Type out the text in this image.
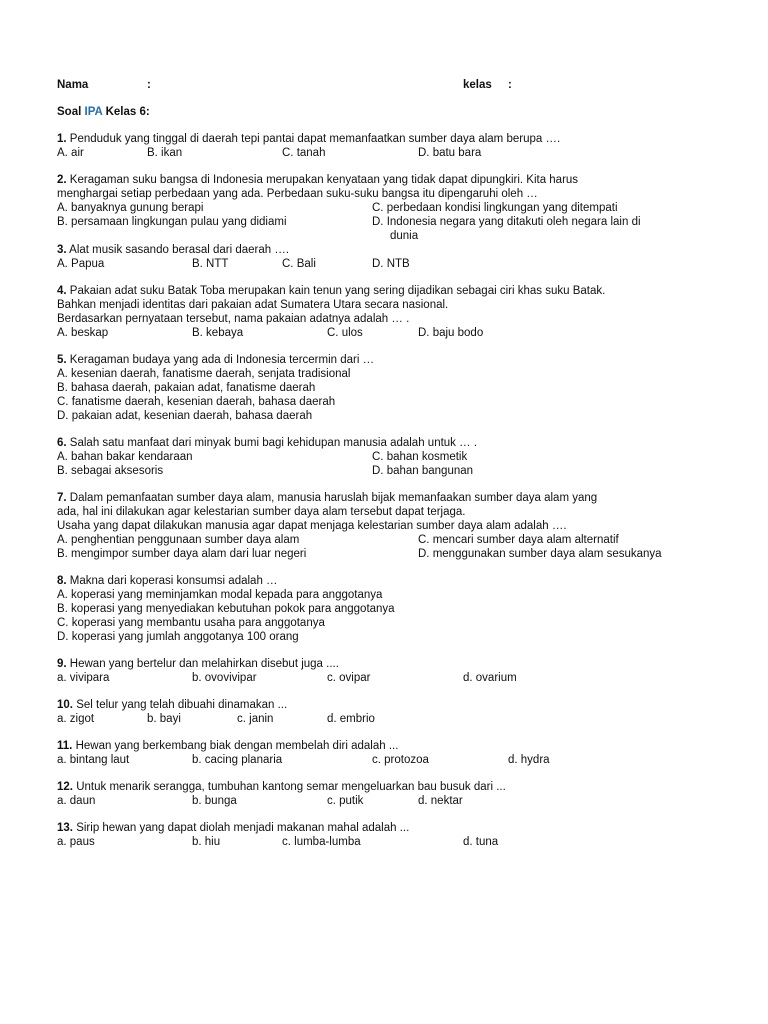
Nama	:	kelas :
Soal IPA Kelas 6:
1. Penduduk yang tinggal di daerah tepi pantai dapat memanfaatkan sumber daya alam berupa ….
A. air	B. ikan	C. tanah	D. batu bara
2. Keragaman suku bangsa di Indonesia merupakan kenyataan yang tidak dapat dipungkiri. Kita harus
menghargai setiap perbedaan yang ada. Perbedaan suku-suku bangsa itu dipengaruhi oleh …
A. banyaknya gunung berapi	C. perbedaan kondisi lingkungan yang ditempati
B. persamaan lingkungan pulau yang didiami	D. Indonesia negara yang ditakuti oleh negara lain di
dunia
3. Alat musik sasando berasal dari daerah ….
A. Papua	B. NTT	C. Bali	D. NTB
4. Pakaian adat suku Batak Toba merupakan kain tenun yang sering dijadikan sebagai ciri khas suku Batak.
Bahkan menjadi identitas dari pakaian adat Sumatera Utara secara nasional.
Berdasarkan pernyataan tersebut, nama pakaian adatnya adalah … .
A. beskap	B. kebaya	C. ulos	D. baju bodo
5. Keragaman budaya yang ada di Indonesia tercermin dari …
A. kesenian daerah, fanatisme daerah, senjata tradisional
B. bahasa daerah, pakaian adat, fanatisme daerah
C. fanatisme daerah, kesenian daerah, bahasa daerah
D. pakaian adat, kesenian daerah, bahasa daerah
6. Salah satu manfaat dari minyak bumi bagi kehidupan manusia adalah untuk … .
A. bahan bakar kendaraan	C. bahan kosmetik
B. sebagai aksesoris	D. bahan bangunan
7. Dalam pemanfaatan sumber daya alam, manusia haruslah bijak memanfaakan sumber daya alam yang
ada, hal ini dilakukan agar kelestarian sumber daya alam tersebut dapat terjaga.
Usaha yang dapat dilakukan manusia agar dapat menjaga kelestarian sumber daya alam adalah ….
A. penghentian penggunaan sumber daya alam	C. mencari sumber daya alam alternatif
B. mengimpor sumber daya alam dari luar negeri	D. menggunakan sumber daya alam sesukanya
8. Makna dari koperasi konsumsi adalah …
A. koperasi yang meminjamkan modal kepada para anggotanya
B. koperasi yang menyediakan kebutuhan pokok para anggotanya
C. koperasi yang membantu usaha para anggotanya
D. koperasi yang jumlah anggotanya 100 orang
9. Hewan yang bertelur dan melahirkan disebut juga ....
a. vivipara	b. ovovivipar	c. ovipar	d. ovarium
10. Sel telur yang telah dibuahi dinamakan ...
a. zigot	b. bayi	c. janin	d. embrio
11. Hewan yang berkembang biak dengan membelah diri adalah ...
a. bintang laut	b. cacing planaria	c. protozoa	d. hydra
12. Untuk menarik serangga, tumbuhan kantong semar mengeluarkan bau busuk dari ...
a. daun	b. bunga	c. putik	d. nektar
13. Sirip hewan yang dapat diolah menjadi makanan mahal adalah ...
a. paus	b. hiu	c. lumba-lumba	d. tuna
